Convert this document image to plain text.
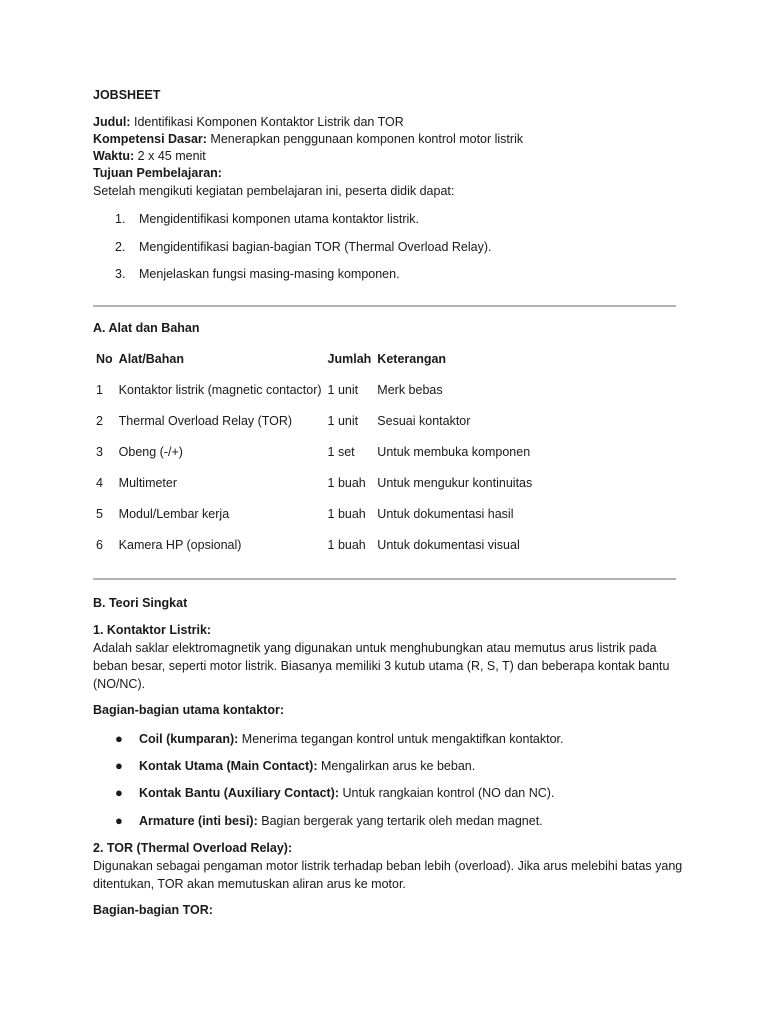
JOBSHEET
Judul: Identifikasi Komponen Kontaktor Listrik dan TOR
Kompetensi Dasar: Menerapkan penggunaan komponen kontrol motor listrik
Waktu: 2 x 45 menit
Tujuan Pembelajaran:
Setelah mengikuti kegiatan pembelajaran ini, peserta didik dapat:
1. Mengidentifikasi komponen utama kontaktor listrik.
2. Mengidentifikasi bagian-bagian TOR (Thermal Overload Relay).
3. Menjelaskan fungsi masing-masing komponen.
A. Alat dan Bahan
No	Alat/Bahan	Jumlah	Keterangan
1	Kontaktor listrik (magnetic contactor)	1 unit	Merk bebas
2	Thermal Overload Relay (TOR)	1 unit	Sesuai kontaktor
3	Obeng (-/+)	1 set	Untuk membuka komponen
4	Multimeter	1 buah	Untuk mengukur kontinuitas
5	Modul/Lembar kerja	1 buah	Untuk dokumentasi hasil
6	Kamera HP (opsional)	1 buah	Untuk dokumentasi visual
B. Teori Singkat
1. Kontaktor Listrik:
Adalah saklar elektromagnetik yang digunakan untuk menghubungkan atau memutus arus listrik pada beban besar, seperti motor listrik. Biasanya memiliki 3 kutub utama (R, S, T) dan beberapa kontak bantu (NO/NC).
Bagian-bagian utama kontaktor:
● Coil (kumparan): Menerima tegangan kontrol untuk mengaktifkan kontaktor.
● Kontak Utama (Main Contact): Mengalirkan arus ke beban.
● Kontak Bantu (Auxiliary Contact): Untuk rangkaian kontrol (NO dan NC).
● Armature (inti besi): Bagian bergerak yang tertarik oleh medan magnet.
2. TOR (Thermal Overload Relay):
Digunakan sebagai pengaman motor listrik terhadap beban lebih (overload). Jika arus melebihi batas yang ditentukan, TOR akan memutuskan aliran arus ke motor.
Bagian-bagian TOR:
